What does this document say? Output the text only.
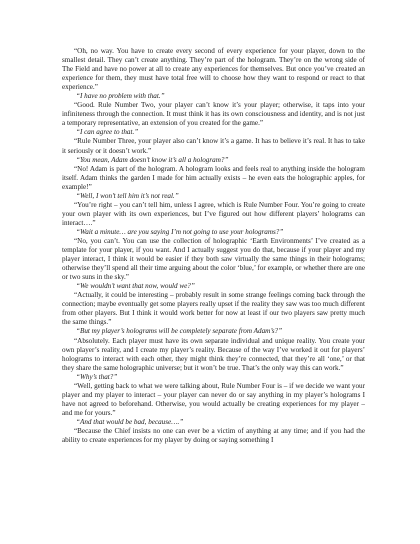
“Oh, no way. You have to create every second of every experience for your player, down to the smallest detail. They can’t create anything. They’re part of the hologram. They’re on the wrong side of The Field and have no power at all to create any experiences for themselves. But once you’ve created an experience for them, they must have total free will to choose how they want to respond or react to that experience.”

“I have no problem with that.”

“Good. Rule Number Two, your player can’t know it’s your player; otherwise, it taps into your infiniteness through the connection. It must think it has its own consciousness and identity, and is not just a temporary representative, an extension of you created for the game.”

“I can agree to that.”

“Rule Number Three, your player also can’t know it’s a game. It has to believe it’s real. It has to take it seriously or it doesn’t work.”

“You mean, Adam doesn’t know it’s all a hologram?”

“No! Adam is part of the hologram. A hologram looks and feels real to anything inside the hologram itself. Adam thinks the garden I made for him actually exists – he even eats the holographic apples, for example!”

“Well, I won’t tell him it’s not real.”

“You’re right – you can’t tell him, unless I agree, which is Rule Number Four. You’re going to create your own player with its own experiences, but I’ve figured out how different players’ holograms can interact….”

“Wait a minute… are you saying I’m not going to use your holograms?”

“No, you can’t. You can use the collection of holographic ‘Earth Environments’ I’ve created as a template for your player, if you want. And I actually suggest you do that, because if your player and my player interact, I think it would be easier if they both saw virtually the same things in their holograms; otherwise they’ll spend all their time arguing about the color ‘blue,’ for example, or whether there are one or two suns in the sky.”

“We wouldn’t want that now, would we?”

“Actually, it could be interesting – probably result in some strange feelings coming back through the connection; maybe eventually get some players really upset if the reality they saw was too much different from other players. But I think it would work better for now at least if our two players saw pretty much the same things.”

“But my player’s holograms will be completely separate from Adam’s?”

“Absolutely. Each player must have its own separate individual and unique reality. You create your own player’s reality, and I create my player’s reality. Because of the way I’ve worked it out for players’ holograms to interact with each other, they might think they’re connected, that they’re all ‘one,’ or that they share the same holographic universe; but it won’t be true. That’s the only way this can work.”

“Why’s that?”

“Well, getting back to what we were talking about, Rule Number Four is – if we decide we want your player and my player to interact – your player can never do or say anything in my player’s holograms I have not agreed to beforehand. Otherwise, you would actually be creating experiences for my player – and me for yours.”

“And that would be bad, because….”

“Because the Chief insists no one can ever be a victim of anything at any time; and if you had the ability to create experiences for my player by doing or saying something I
